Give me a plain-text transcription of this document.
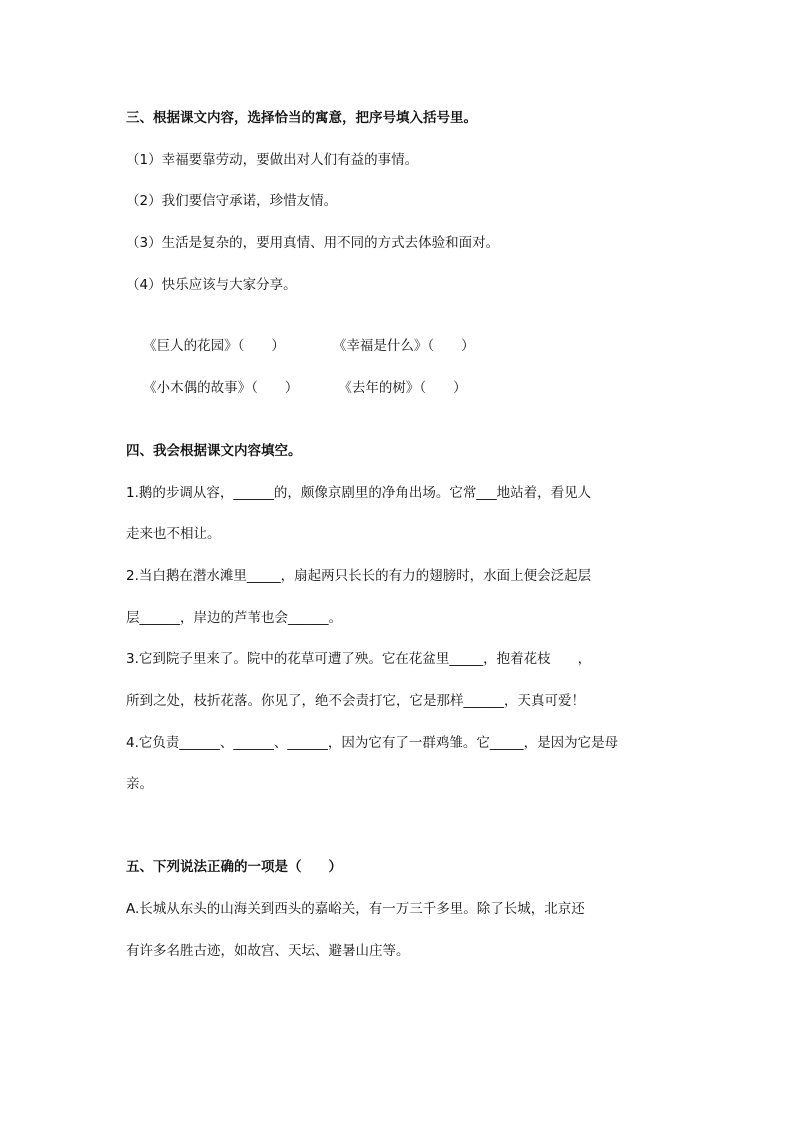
三、根据课文内容，选择恰当的寓意，把序号填入括号里。
（1）幸福要靠劳动，要做出对人们有益的事情。
（2）我们要信守承诺，珍惜友情。
（3）生活是复杂的，要用真情、用不同的方式去体验和面对。
（4）快乐应该与大家分享。

《巨人的花园》（　　）	《幸福是什么》（　　）

《小木偶的故事》（　　）	《去年的树》（　　）

四、我会根据课文内容填空。
1.鹅的步调从容，______的，颇像京剧里的净角出场。它常___地站着，看见人
走来也不相让。
2.当白鹅在潜水滩里_____，扇起两只长长的有力的翅膀时，水面上便会泛起层
层______，岸边的芦苇也会______。
3.它到院子里来了。院中的花草可遭了殃。它在花盆里_____，抱着花枝　　，
所到之处，枝折花落。你见了，绝不会责打它，它是那样______，天真可爱！
4.它负责______、______、______，因为它有了一群鸡雏。它_____，是因为它是母
亲。
五、下列说法正确的一项是（　　）
A.长城从东头的山海关到西头的嘉峪关，有一万三千多里。除了长城，北京还
有许多名胜古迹，如故宫、天坛、避暑山庄等。
